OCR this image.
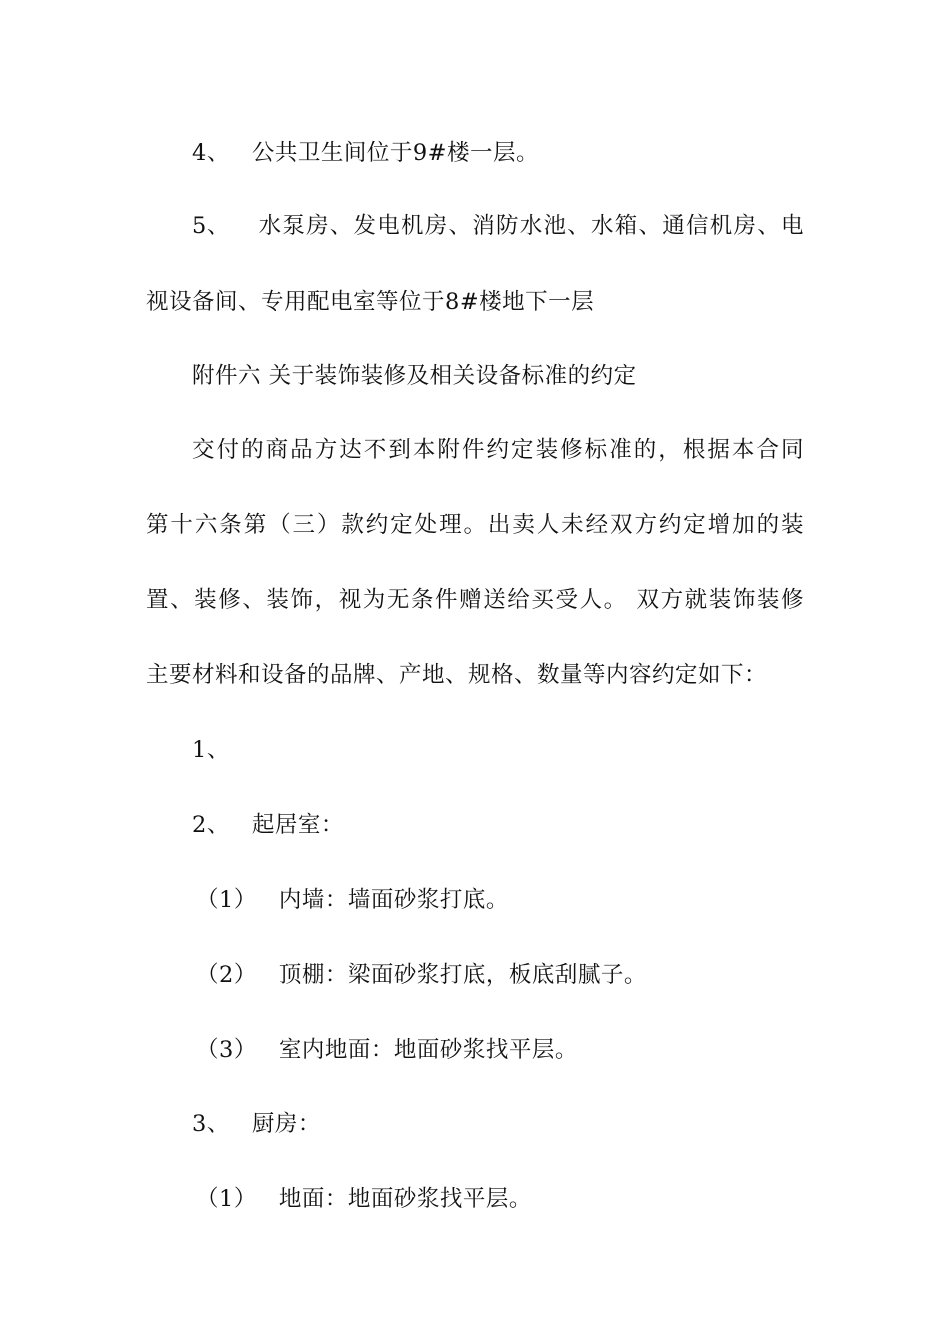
4、 公共卫生间位于9#楼一层。
5、 水泵房、发电机房、消防水池、水箱、通信机房、电
视设备间、专用配电室等位于8#楼地下一层
附件六 关于装饰装修及相关设备标准的约定
交付的商品方达不到本附件约定装修标准的，根据本合同
第十六条第（三）款约定处理。出卖人未经双方约定增加的装
置、装修、装饰，视为无条件赠送给买受人。 双方就装饰装修
主要材料和设备的品牌、产地、规格、数量等内容约定如下：
1、
2、 起居室：
（1） 内墙：墙面砂浆打底。
（2） 顶棚：梁面砂浆打底，板底刮腻子。
（3） 室内地面：地面砂浆找平层。
3、 厨房：
（1） 地面：地面砂浆找平层。
